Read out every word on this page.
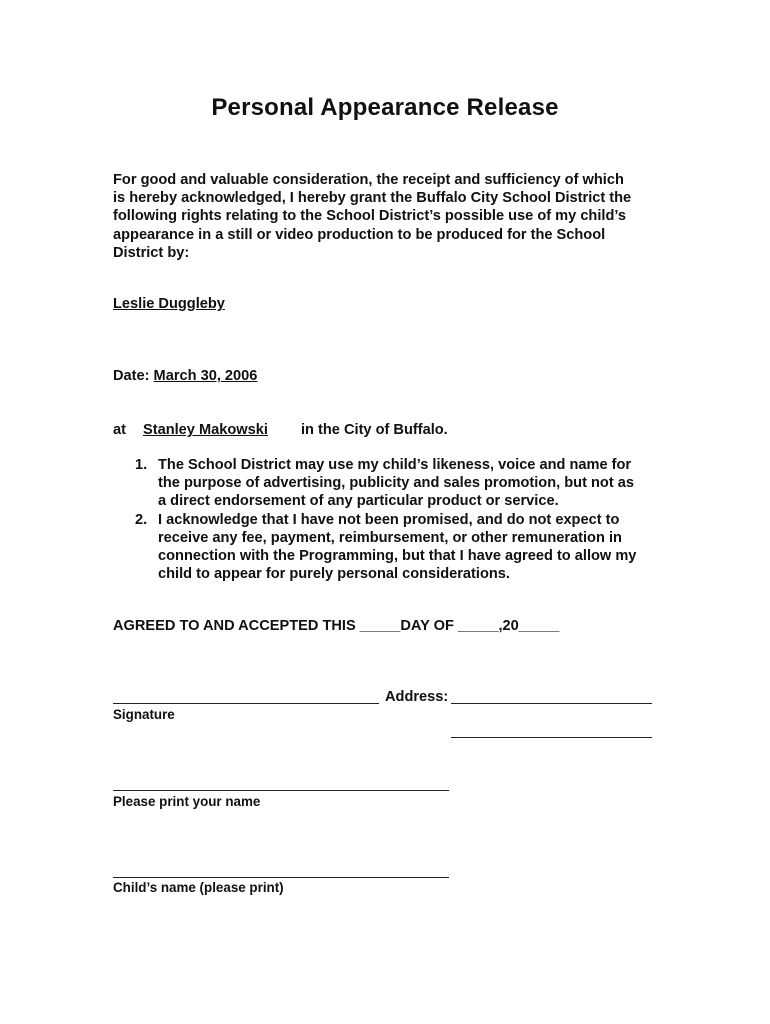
Personal Appearance Release
For good and valuable consideration, the receipt and sufficiency of which
is hereby acknowledged, I hereby grant the Buffalo City School District the
following rights relating to the School District’s possible use of my child’s
appearance in a still or video production to be produced for the School
District by:
Leslie Duggleby
Date: March 30, 2006
at Stanley Makowski in the City of Buffalo.
1. The School District may use my child’s likeness, voice and name for
the purpose of advertising, publicity and sales promotion, but not as
a direct endorsement of any particular product or service.
2. I acknowledge that I have not been promised, and do not expect to
receive any fee, payment, reimbursement, or other remuneration in
connection with the Programming, but that I have agreed to allow my
child to appear for purely personal considerations.
AGREED TO AND ACCEPTED THIS _____DAY OF _____,20_____
Address:
Signature
Please print your name
Child’s name (please print)
